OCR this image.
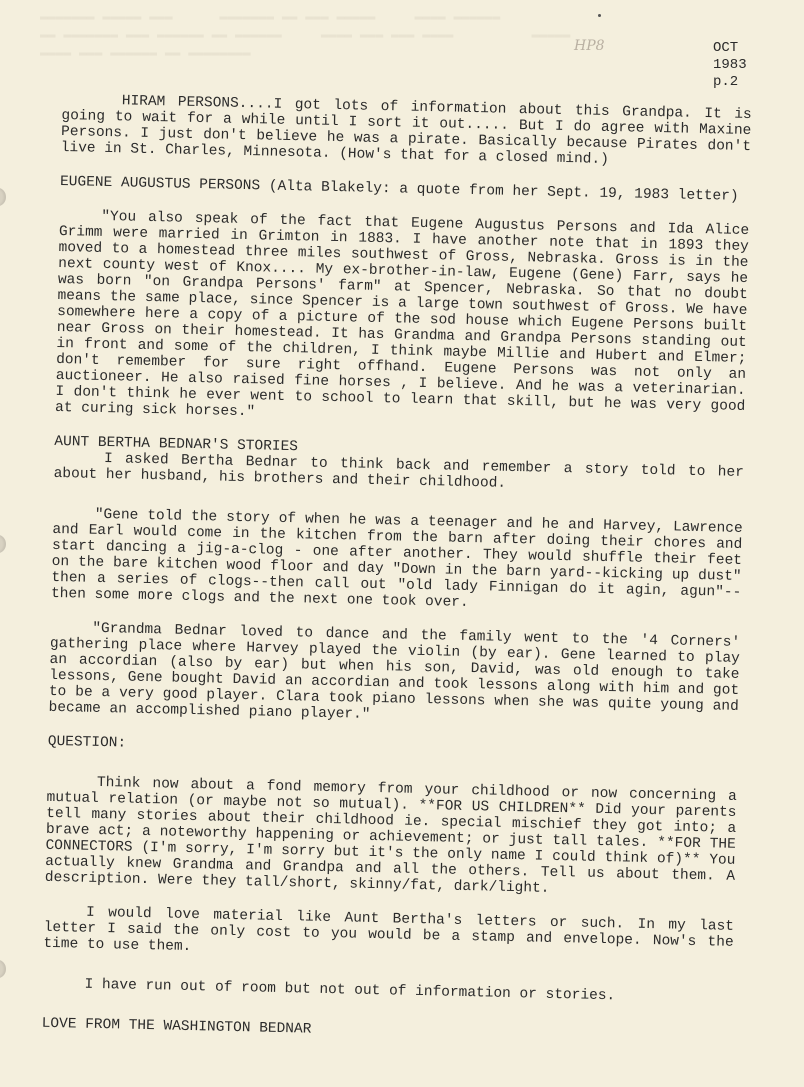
▬▬▬▬▬▬▬ ▬▬▬▬▬ ▬▬▬      ▬▬▬▬▬▬▬ ▬▬ ▬▬▬ ▬▬▬▬▬     ▬▬▬▬ ▬▬▬▬▬▬
▬▬ ▬▬▬▬▬▬▬ ▬▬▬ ▬▬▬▬▬▬ ▬▬ ▬▬▬▬▬▬     ▬▬▬▬ ▬▬▬ ▬▬▬ ▬▬▬▬          ▬▬▬▬▬
▬▬▬▬ ▬▬▬ ▬▬▬▬▬▬ ▬▬ ▬▬▬▬▬▬▬▬	HP8	OCT
1983
p.2
HIRAM PERSONS....I got lots of information about this Grandpa. It is going to wait for a while until I sort it out..... But I do agree with Maxine Persons. I just don't believe he was a pirate. Basically because Pirates don't live in St. Charles, Minnesota. (How's that for a closed mind.)
EUGENE AUGUSTUS PERSONS (Alta Blakely: a quote from her Sept. 19, 1983 letter)
"You also speak of the fact that Eugene Augustus Persons and Ida Alice Grimm were married in Grimton in 1883. I have another note that in 1893 they moved to a homestead three miles southwest of Gross, Nebraska. Gross is in the next county west of Knox.... My ex-brother-in-law, Eugene (Gene) Farr, says he was born "on Grandpa Persons' farm" at Spencer, Nebraska. So that no doubt means the same place, since Spencer is a large town southwest of Gross. We have somewhere here a copy of a picture of the sod house which Eugene Persons built near Gross on their homestead. It has Grandma and Grandpa Persons standing out in front and some of the children, I think maybe Millie and Hubert and Elmer; don't remember for sure right offhand. Eugene Persons was not only an auctioneer. He also raised fine horses , I believe. And he was a veterinarian. I don't think he ever went to school to learn that skill, but he was very good at curing sick horses."
AUNT BERTHA BEDNAR'S STORIES
I asked Bertha Bednar to think back and remember a story told to her about her husband, his brothers and their childhood.
"Gene told the story of when he was a teenager and he and Harvey, Lawrence and Earl would come in the kitchen from the barn after doing their chores and start dancing a jig-a-clog - one after another. They would shuffle their feet on the bare kitchen wood floor and day "Down in the barn yard--kicking up dust" then a series of clogs--then call out "old lady Finnigan do it agin, agun"--then some more clogs and the next one took over.
"Grandma Bednar loved to dance and the family went to the '4 Corners' gathering place where Harvey played the violin (by ear). Gene learned to play an accordian (also by ear) but when his son, David, was old enough to take lessons, Gene bought David an accordian and took lessons along with him and got to be a very good player. Clara took piano lessons when she was quite young and became an accomplished piano player."
QUESTION:
Think now about a fond memory from your childhood or now concerning a mutual relation (or maybe not so mutual). **FOR US CHILDREN** Did your parents tell many stories about their childhood ie. special mischief they got into; a brave act; a noteworthy happening or achievement; or just tall tales. **FOR THE CONNECTORS (I'm sorry, I'm sorry but it's the only name I could think of)** You actually knew Grandma and Grandpa and all the others. Tell us about them. A description. Were they tall/short, skinny/fat, dark/light.
I would love material like Aunt Bertha's letters or such. In my last letter I said the only cost to you would be a stamp and envelope. Now's the time to use them.
I have run out of room but not out of information or stories.
LOVE FROM THE WASHINGTON BEDNAR
